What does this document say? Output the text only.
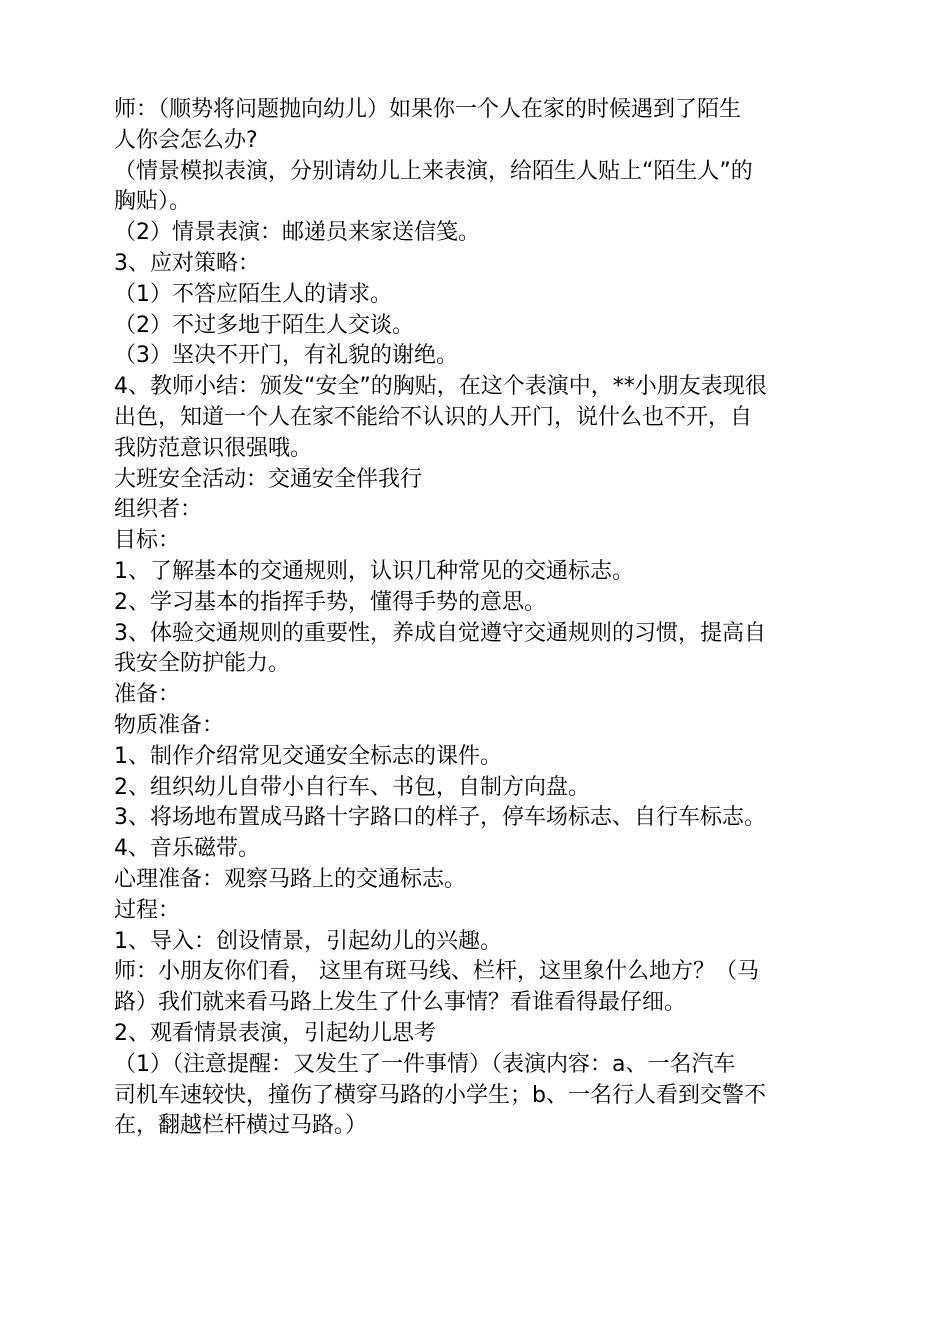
师：（顺势将问题抛向幼儿）如果你一个人在家的时候遇到了陌生
人你会怎么办?
（情景模拟表演，分别请幼儿上来表演，给陌生人贴上“陌生人”的
胸贴）。
（2）情景表演：邮递员来家送信笺。
3、应对策略：
（1）不答应陌生人的请求。
（2）不过多地于陌生人交谈。
（3）坚决不开门，有礼貌的谢绝。
4、教师小结：颁发“安全”的胸贴，在这个表演中，**小朋友表现很
出色，知道一个人在家不能给不认识的人开门，说什么也不开，自
我防范意识很强哦。
大班安全活动：交通安全伴我行
组织者：
目标：
1、了解基本的交通规则，认识几种常见的交通标志。
2、学习基本的指挥手势，懂得手势的意思。
3、体验交通规则的重要性，养成自觉遵守交通规则的习惯，提高自
我安全防护能力。
准备：
物质准备：
1、制作介绍常见交通安全标志的课件。
2、组织幼儿自带小自行车、书包，自制方向盘。
3、将场地布置成马路十字路口的样子，停车场标志、自行车标志。
4、音乐磁带。
心理准备：观察马路上的交通标志。
过程：
1、导入：创设情景，引起幼儿的兴趣。
师：小朋友你们看， 这里有斑马线、栏杆，这里象什么地方？（马
路）我们就来看马路上发生了什么事情？看谁看得最仔细。
2、观看情景表演，引起幼儿思考
（1）（注意提醒：又发生了一件事情）（表演内容：a、一名汽车
司机车速较快，撞伤了横穿马路的小学生；b、一名行人看到交警不
在，翻越栏杆横过马路。）
